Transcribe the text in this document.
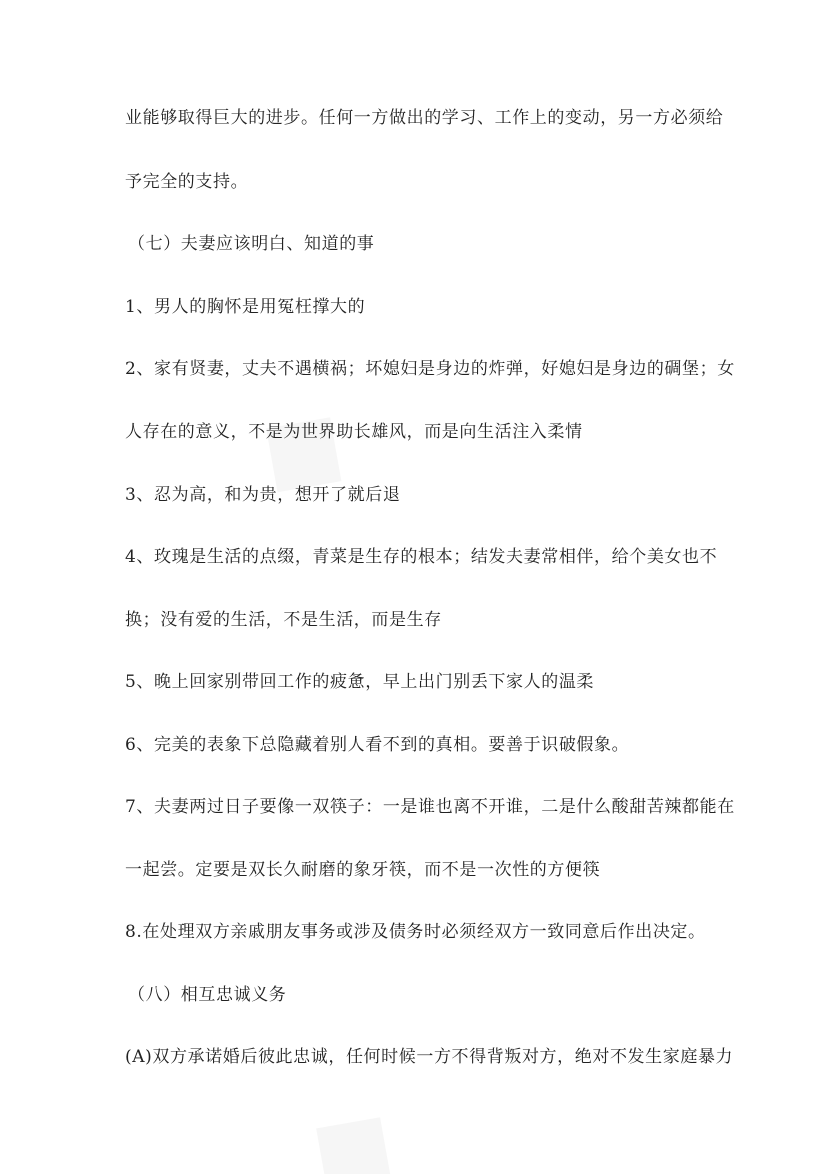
业能够取得巨大的进步。任何一方做出的学习、工作上的变动，另一方必须给
予完全的支持。
（七）夫妻应该明白、知道的事
1、男人的胸怀是用冤枉撑大的
2、家有贤妻，丈夫不遇横祸；坏媳妇是身边的炸弹，好媳妇是身边的碉堡；女
人存在的意义，不是为世界助长雄风，而是向生活注入柔情
3、忍为高，和为贵，想开了就后退
4、玫瑰是生活的点缀，青菜是生存的根本；结发夫妻常相伴，给个美女也不
换；没有爱的生活，不是生活，而是生存
5、晚上回家别带回工作的疲惫，早上出门别丢下家人的温柔
6、完美的表象下总隐藏着别人看不到的真相。要善于识破假象。
7、夫妻两过日子要像一双筷子：一是谁也离不开谁，二是什么酸甜苦辣都能在
一起尝。定要是双长久耐磨的象牙筷，而不是一次性的方便筷
8.在处理双方亲戚朋友事务或涉及债务时必须经双方一致同意后作出决定。
（八）相互忠诚义务
(A)双方承诺婚后彼此忠诚，任何时候一方不得背叛对方，绝对不发生家庭暴力
